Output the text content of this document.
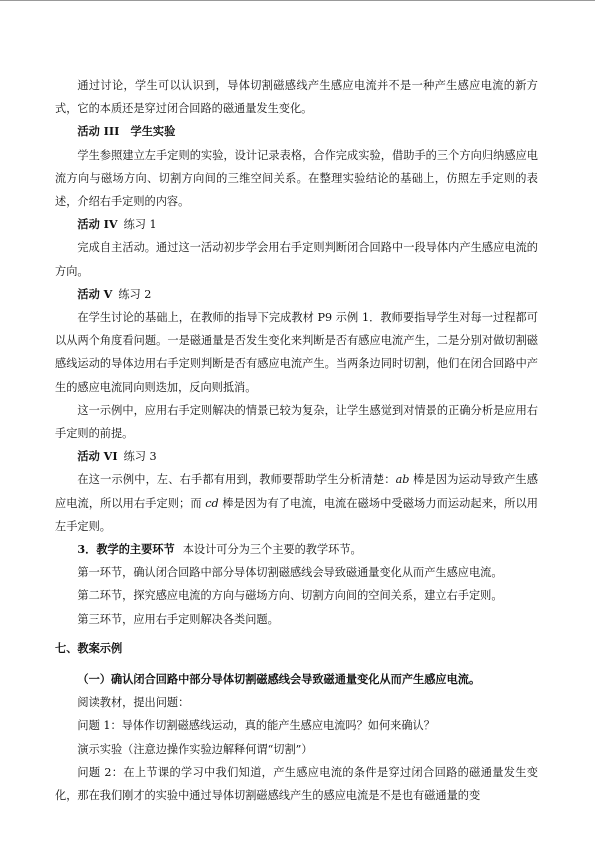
通过讨论，学生可以认识到，导体切割磁感线产生感应电流并不是一种产生感应电流的新方式，它的本质还是穿过闭合回路的磁通量发生变化。

活动 III　学生实验

学生参照建立左手定则的实验，设计记录表格，合作完成实验，借助手的三个方向归纳感应电流方向与磁场方向、切割方向间的三维空间关系。在整理实验结论的基础上，仿照左手定则的表述，介绍右手定则的内容。

活动 IV 练习 1

完成自主活动。通过这一活动初步学会用右手定则判断闭合回路中一段导体内产生感应电流的方向。

活动 V 练习 2

在学生讨论的基础上，在教师的指导下完成教材 P9 示例 1．教师要指导学生对每一过程都可以从两个角度看问题。一是磁通量是否发生变化来判断是否有感应电流产生，二是分别对做切割磁感线运动的导体边用右手定则判断是否有感应电流产生。当两条边同时切割，他们在闭合回路中产生的感应电流同向则迭加，反向则抵消。

这一示例中，应用右手定则解决的情景已较为复杂，让学生感觉到对情景的正确分析是应用右手定则的前提。

活动 VI 练习 3

在这一示例中，左、右手都有用到，教师要帮助学生分析清楚：ab 棒是因为运动导致产生感应电流，所以用右手定则；而 cd 棒是因为有了电流，电流在磁场中受磁场力而运动起来，所以用左手定则。

3．教学的主要环节 本设计可分为三个主要的教学环节。

第一环节，确认闭合回路中部分导体切割磁感线会导致磁通量变化从而产生感应电流。

第二环节，探究感应电流的方向与磁场方向、切割方向间的空间关系，建立右手定则。

第三环节，应用右手定则解决各类问题。

七、教案示例

（一）确认闭合回路中部分导体切割磁感线会导致磁通量变化从而产生感应电流。

阅读教材，提出问题：

问题 1：导体作切割磁感线运动，真的能产生感应电流吗？如何来确认？

演示实验（注意边操作实验边解释何谓“切割”）

问题 2：在上节课的学习中我们知道，产生感应电流的条件是穿过闭合回路的磁通量发生变化，那在我们刚才的实验中通过导体切割磁感线产生的感应电流是不是也有磁通量的变
